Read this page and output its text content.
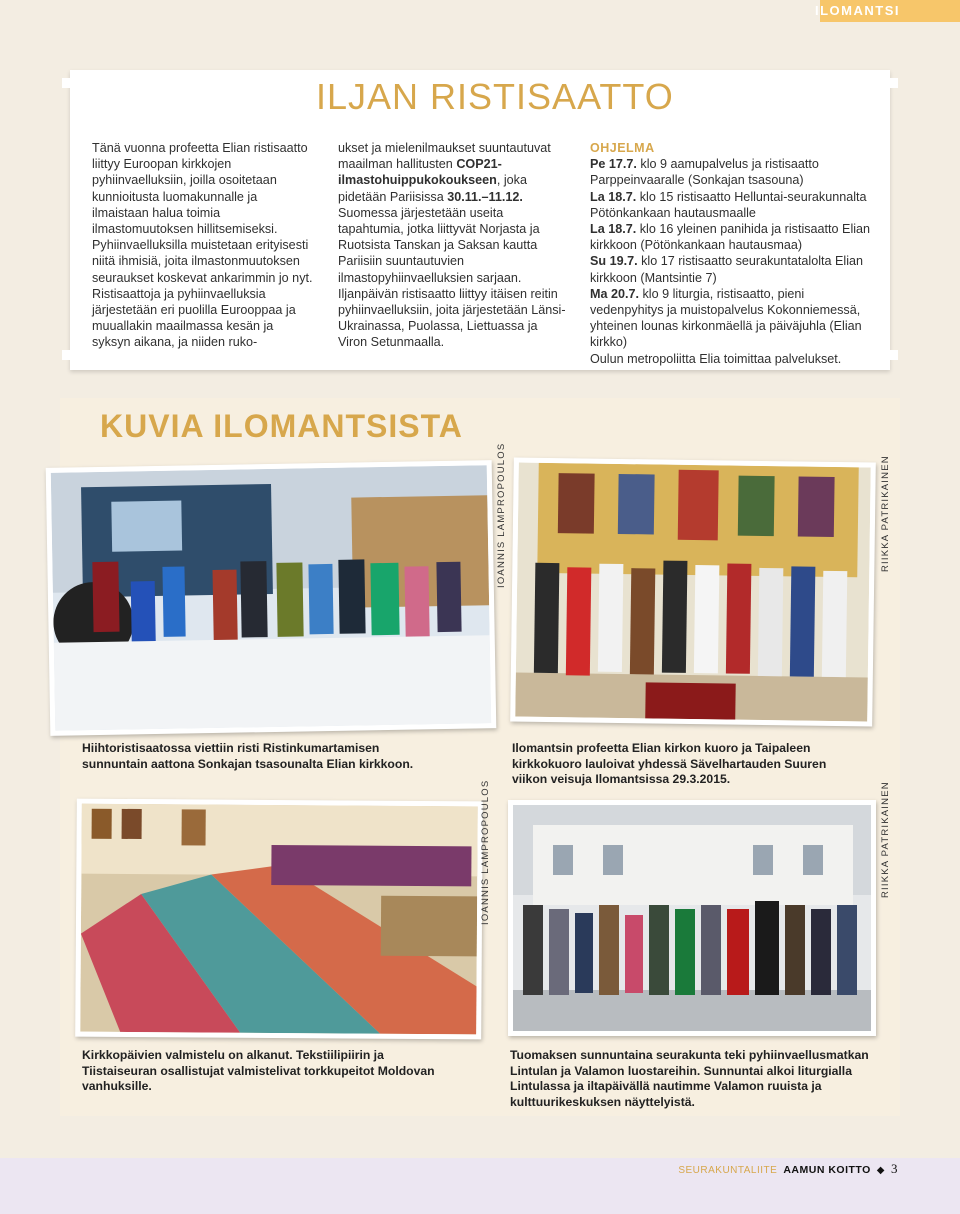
ILOMANTSI
ILJAN RISTISAATTO

Tänä vuonna profeetta Elian ristisaatto liittyy Euroopan kirkkojen pyhiinvaelluksiin, joilla osoitetaan kunnioitusta luomakunnalle ja ilmaistaan halua toimia ilmastomuutoksen hillitsemiseksi. Pyhiinvaelluksilla muistetaan erityisesti niitä ihmisiä, joita ilmastonmuutoksen seuraukset koskevat ankarimmin jo nyt. Ristisaattoja ja pyhiinvaelluksia järjestetään eri puolilla Eurooppaa ja muuallakin maailmassa kesän ja syksyn aikana, ja niiden ruko-

ukset ja mielenilmaukset suuntautuvat maailman hallitusten COP21-ilmastohuippukokoukseen, joka pidetään Pariisissa 30.11.–11.12. Suomessa järjestetään useita tapahtumia, jotka liittyvät Norjasta ja Ruotsista Tanskan ja Saksan kautta Pariisiin suuntautuvien ilmastopyhiinvaelluksien sarjaan. Iljanpäivän ristisaatto liittyy itäisen reitin pyhiinvaelluksiin, joita järjestetään Länsi-Ukrainassa, Puolassa, Liettuassa ja Viron Setunmaalla.

OHJELMA
Pe 17.7. klo 9 aamupalvelus ja ristisaatto Parppeinvaaralle (Sonkajan tsasouna)
La 18.7. klo 15 ristisaatto Helluntai-seurakunnalta Pötönkankaan hautausmaalle
La 18.7. klo 16 yleinen panihida ja ristisaatto Elian kirkkoon (Pötönkankaan hautausmaa)
Su 19.7. klo 17 ristisaatto seurakuntatalolta Elian kirkkoon (Mantsintie 7)
Ma 20.7. klo 9 liturgia, ristisaatto, pieni vedenpyhitys ja muistopalvelus Kokonniemessä, yhteinen lounas kirkonmäellä ja päiväjuhla (Elian kirkko)
Oulun metropoliitta Elia toimittaa palvelukset.
KUVIA ILOMANTSISTA
IOANNIS LAMPROPOULOS
Hiihtoristisaatossa viettiin risti Ristinkumartamisen sunnuntain aattona Sonkajan tsasounalta Elian kirkkoon.
RIIKKA PATRIKAINEN
Ilomantsin profeetta Elian kirkon kuoro ja Taipaleen kirkkokuoro lauloivat yhdessä Sävelhartauden Suuren viikon veisuja Ilomantsissa 29.3.2015.
IOANNIS LAMPROPOULOS
Kirkkopäivien valmistelu on alkanut. Tekstiilipiirin ja Tiistaiseuran osallistujat valmistelivat torkkupeitot Moldovan vanhuksille.
RIIKKA PATRIKAINEN
Tuomaksen sunnuntaina seurakunta teki pyhiinvaellusmatkan Lintulan ja Valamon luostareihin. Sunnuntai alkoi liturgialla Lintulassa ja iltapäivällä nautimme Valamon ruuista ja kulttuurikeskuksen näyttelyistä.
SEURAKUNTALIITE AAMUN KOITTO ◆ 3
